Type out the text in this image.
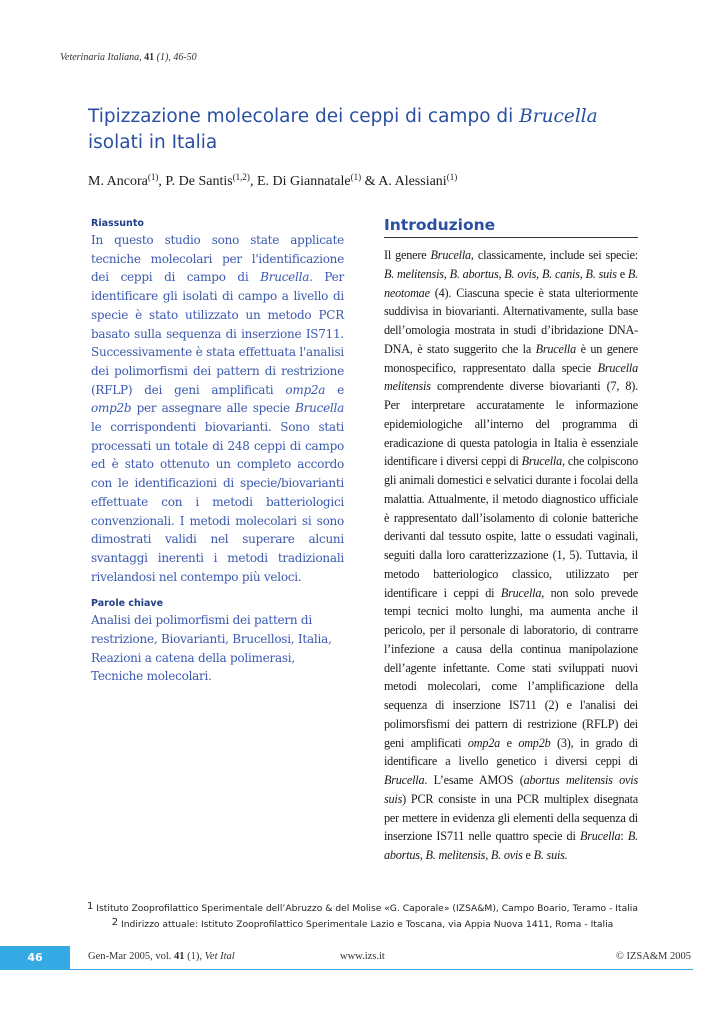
Veterinaria Italiana, 41 (1), 46-50
Tipizzazione molecolare dei ceppi di campo di Brucella isolati in Italia
M. Ancora$^{(1)}$, P. De Santis$^{(1,2)}$, E. Di Giannatale$^{(1)}$ & A. Alessiani$^{(1)}$

Riassunto

In questo studio sono state applicate tecniche molecolari per l'identificazione dei ceppi di campo di Brucella. Per identificare gli isolati di campo a livello di specie è stato utilizzato un metodo PCR basato sulla sequenza di inserzione IS711. Successivamente è stata effettuata l'analisi dei polimorfismi dei pattern di restrizione (RFLP) dei geni amplificati omp2a e omp2b per assegnare alle specie Brucella le corrispondenti biovarianti. Sono stati processati un totale di 248 ceppi di campo ed è stato ottenuto un completo accordo con le identificazioni di specie/biovarianti effettuate con i metodi batteriologici convenzionali. I metodi molecolari si sono dimostrati validi nel superare alcuni svantaggi inerenti i metodi tradizionali rivelandosi nel contempo più veloci.

Parole chiave

Analisi dei polimorfismi dei pattern di restrizione, Biovarianti, Brucellosi, Italia, Reazioni a catena della polimerasi, Tecniche molecolari.

Introduzione

Il genere Brucella, classicamente, include sei specie: B. melitensis, B. abortus, B. ovis, B. canis, B. suis e B. neotomae (4). Ciascuna specie è stata ulteriormente suddivisa in biovarianti. Alternativamente, sulla base dell’omologia mostrata in studi d’ibridazione DNA-DNA, è stato suggerito che la Brucella è un genere monospecifico, rappresentato dalla specie Brucella melitensis comprendente diverse biovarianti (7, 8). Per interpretare accuratamente le informazione epidemiologiche all’interno del programma di eradicazione di questa patologia in Italia è essenziale identificare i diversi ceppi di Brucella, che colpiscono gli animali domestici e selvatici durante i focolai della malattia. Attualmente, il metodo diagnostico ufficiale è rappresentato dall’isolamento di colonie batteriche derivanti dal tessuto ospite, latte o essudati vaginali, seguiti dalla loro caratterizzazione (1, 5). Tuttavia, il metodo batteriologico classico, utilizzato per identificare i ceppi di Brucella, non solo prevede tempi tecnici molto lunghi, ma aumenta anche il pericolo, per il personale di laboratorio, di contrarre l’infezione a causa della continua manipolazione dell’agente infettante. Come stati sviluppati nuovi metodi molecolari, come l’amplificazione della sequenza di inserzione IS711 (2) e l'analisi dei polimorsfismi dei pattern di restrizione (RFLP) dei geni amplificati omp2a e omp2b (3), in grado di identificare a livello genetico i diversi ceppi di Brucella. L’esame AMOS (abortus melitensis ovis suis) PCR consiste in una PCR multiplex disegnata per mettere in evidenza gli elementi della sequenza di inserzione IS711 nelle quattro specie di Brucella: B. abortus, B. melitensis, B. ovis e B. suis.

$^1$ Istituto Zooprofilattico Sperimentale dell’Abruzzo & del Molise «G. Caporale» (IZSA&M), Campo Boario, Teramo - Italia
$^2$ Indirizzo attuale: Istituto Zooprofilattico Sperimentale Lazio e Toscana, via Appia Nuova 1411, Roma - Italia
46	Gen-Mar 2005, vol. 41 (1), Vet Ital	www.izs.it	© IZSA&M 2005
